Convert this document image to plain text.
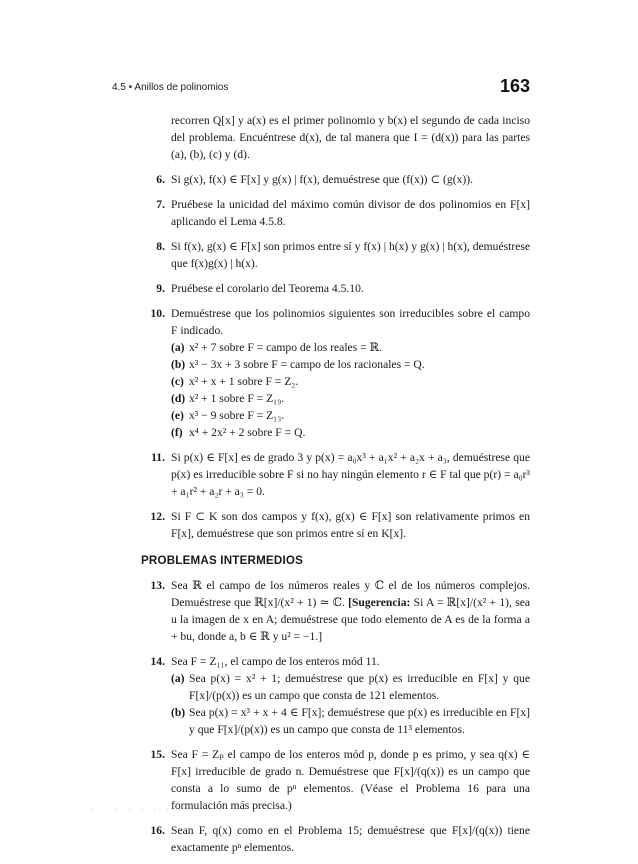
4.5 • Anillos de polinomios	163

recorren Q[x] y a(x) es el primer polinomio y b(x) el segundo de cada inciso del problema. Encuéntrese d(x), de tal manera que I = (d(x)) para las partes (a), (b), (c) y (d).

6. Si g(x), f(x) ∈ F[x] y g(x) | f(x), demuéstrese que (f(x)) ⊂ (g(x)).

7. Pruébese la unicidad del máximo común divisor de dos polinomios en F[x] aplicando el Lema 4.5.8.

8. Si f(x), g(x) ∈ F[x] son primos entre sí y f(x) | h(x) y g(x) | h(x), demuéstrese que f(x)g(x) | h(x).

9. Pruébese el corolario del Teorema 4.5.10.

10. Demuéstrese que los polinomios siguientes son irreducibles sobre el campo F indicado.

(a) x² + 7 sobre F = campo de los reales = ℝ.

(b) x³ − 3x + 3 sobre F = campo de los racionales = Q.

(c) x² + x + 1 sobre F = Z₂.

(d) x² + 1 sobre F = Z₁₉.

(e) x³ − 9 sobre F = Z₁₃.

(f) x⁴ + 2x² + 2 sobre F = Q.

11. Si p(x) ∈ F[x] es de grado 3 y p(x) = a₀x³ + a₁x² + a₂x + a₃, demuéstrese que p(x) es irreducible sobre F si no hay ningún elemento r ∈ F tal que p(r) = a₀r³ + a₁r² + a₂r + a₃ = 0.

12. Si F ⊂ K son dos campos y f(x), g(x) ∈ F[x] son relativamente primos en F[x], demuéstrese que son primos entre sí en K[x].

PROBLEMAS INTERMEDIOS
13. Sea ℝ el campo de los números reales y ℂ el de los números complejos. Demuéstrese que ℝ[x]/(x² + 1) ≃ ℂ. [Sugerencia: Si A = ℝ[x]/(x² + 1), sea u la imagen de x en A; demuéstrese que todo elemento de A es de la forma a + bu, donde a, b ∈ ℝ y u² = −1.]

14. Sea F = Z₁₁, el campo de los enteros mód 11.

(a) Sea p(x) = x² + 1; demuéstrese que p(x) es irreducible en F[x] y que F[x]/(p(x)) es un campo que consta de 121 elementos.

(b) Sea p(x) = x³ + x + 4 ∈ F[x]; demuéstrese que p(x) es irreducible en F[x] y que F[x]/(p(x)) es un campo que consta de 11³ elementos.

15. Sea F = Zₚ el campo de los enteros mód p, donde p es primo, y sea q(x) ∈ F[x] irreducible de grado n. Demuéstrese que F[x]/(q(x)) es un campo que consta a lo sumo de pⁿ elementos. (Véase el Problema 16 para una formulación más precisa.)

16. Sean F, q(x) como en el Problema 15; demuéstrese que F[x]/(q(x)) tiene exactamente pⁿ elementos.

· · · · · · · · ·
